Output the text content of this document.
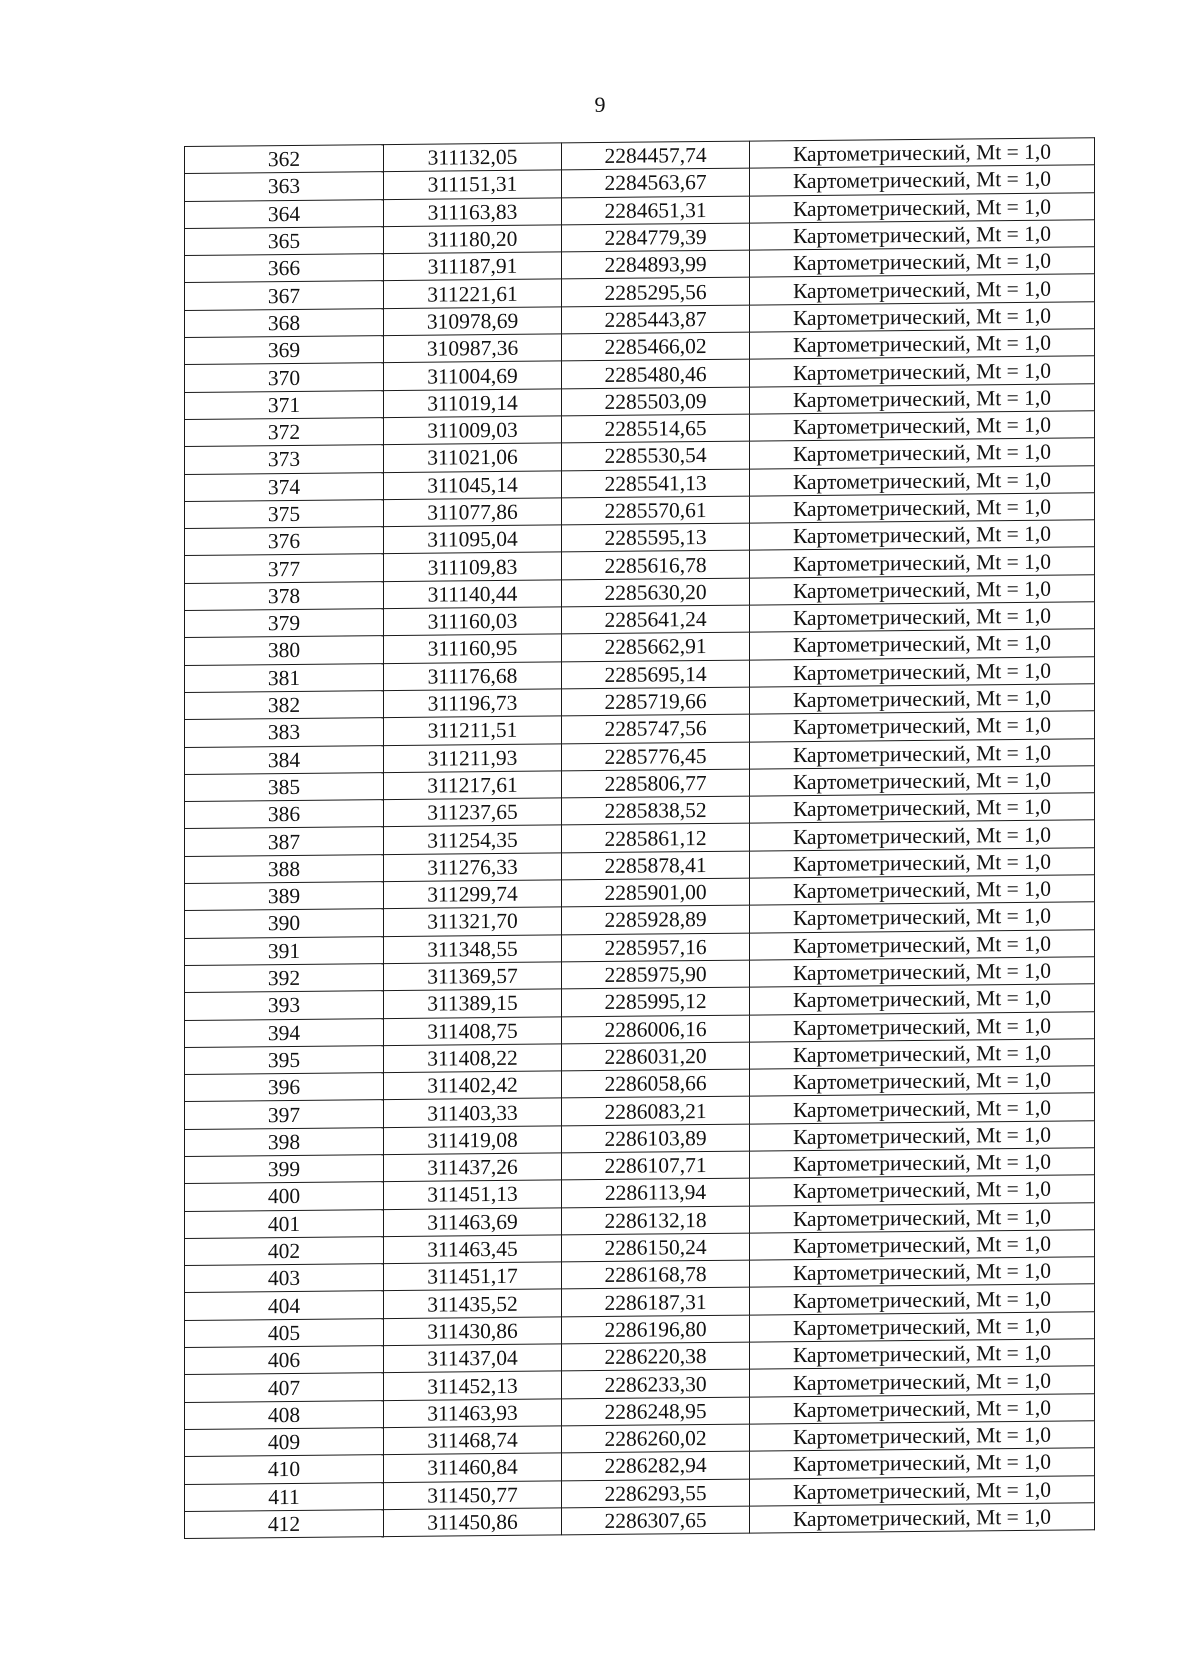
9
362	311132,05	2284457,74	Картометрический, Mt = 1,0
363	311151,31	2284563,67	Картометрический, Mt = 1,0
364	311163,83	2284651,31	Картометрический, Mt = 1,0
365	311180,20	2284779,39	Картометрический, Mt = 1,0
366	311187,91	2284893,99	Картометрический, Mt = 1,0
367	311221,61	2285295,56	Картометрический, Mt = 1,0
368	310978,69	2285443,87	Картометрический, Mt = 1,0
369	310987,36	2285466,02	Картометрический, Mt = 1,0
370	311004,69	2285480,46	Картометрический, Mt = 1,0
371	311019,14	2285503,09	Картометрический, Mt = 1,0
372	311009,03	2285514,65	Картометрический, Mt = 1,0
373	311021,06	2285530,54	Картометрический, Mt = 1,0
374	311045,14	2285541,13	Картометрический, Mt = 1,0
375	311077,86	2285570,61	Картометрический, Mt = 1,0
376	311095,04	2285595,13	Картометрический, Mt = 1,0
377	311109,83	2285616,78	Картометрический, Mt = 1,0
378	311140,44	2285630,20	Картометрический, Mt = 1,0
379	311160,03	2285641,24	Картометрический, Mt = 1,0
380	311160,95	2285662,91	Картометрический, Mt = 1,0
381	311176,68	2285695,14	Картометрический, Mt = 1,0
382	311196,73	2285719,66	Картометрический, Mt = 1,0
383	311211,51	2285747,56	Картометрический, Mt = 1,0
384	311211,93	2285776,45	Картометрический, Mt = 1,0
385	311217,61	2285806,77	Картометрический, Mt = 1,0
386	311237,65	2285838,52	Картометрический, Mt = 1,0
387	311254,35	2285861,12	Картометрический, Mt = 1,0
388	311276,33	2285878,41	Картометрический, Mt = 1,0
389	311299,74	2285901,00	Картометрический, Mt = 1,0
390	311321,70	2285928,89	Картометрический, Mt = 1,0
391	311348,55	2285957,16	Картометрический, Mt = 1,0
392	311369,57	2285975,90	Картометрический, Mt = 1,0
393	311389,15	2285995,12	Картометрический, Mt = 1,0
394	311408,75	2286006,16	Картометрический, Mt = 1,0
395	311408,22	2286031,20	Картометрический, Mt = 1,0
396	311402,42	2286058,66	Картометрический, Mt = 1,0
397	311403,33	2286083,21	Картометрический, Mt = 1,0
398	311419,08	2286103,89	Картометрический, Mt = 1,0
399	311437,26	2286107,71	Картометрический, Mt = 1,0
400	311451,13	2286113,94	Картометрический, Mt = 1,0
401	311463,69	2286132,18	Картометрический, Mt = 1,0
402	311463,45	2286150,24	Картометрический, Mt = 1,0
403	311451,17	2286168,78	Картометрический, Mt = 1,0
404	311435,52	2286187,31	Картометрический, Mt = 1,0
405	311430,86	2286196,80	Картометрический, Mt = 1,0
406	311437,04	2286220,38	Картометрический, Mt = 1,0
407	311452,13	2286233,30	Картометрический, Mt = 1,0
408	311463,93	2286248,95	Картометрический, Mt = 1,0
409	311468,74	2286260,02	Картометрический, Mt = 1,0
410	311460,84	2286282,94	Картометрический, Mt = 1,0
411	311450,77	2286293,55	Картометрический, Mt = 1,0
412	311450,86	2286307,65	Картометрический, Mt = 1,0
